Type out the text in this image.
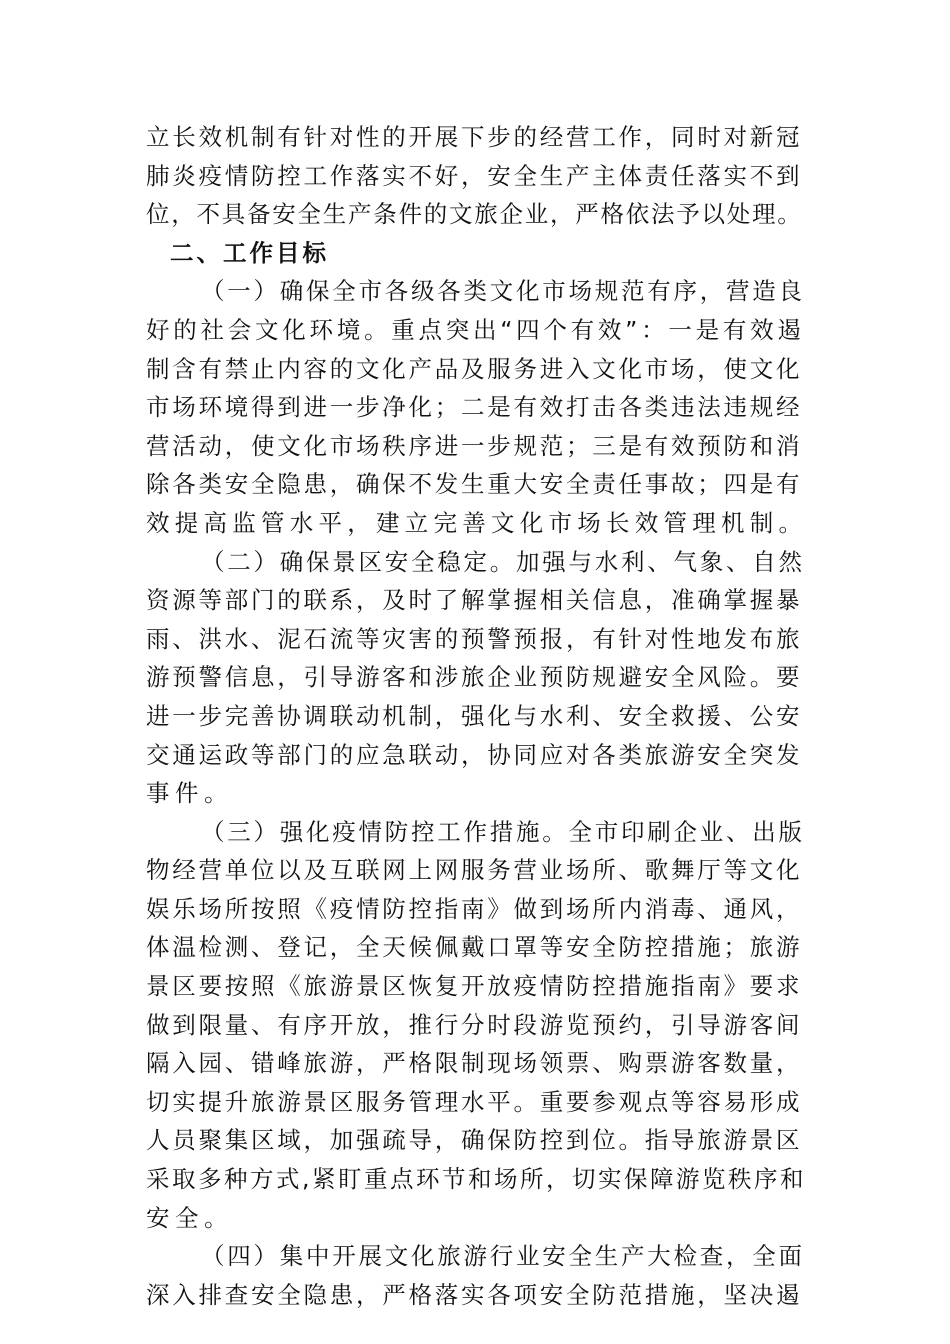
立长效机制有针对性的开展下步的经营工作，同时对新冠
肺炎疫情防控工作落实不好，安全生产主体责任落实不到
位，不具备安全生产条件的文旅企业，严格依法予以处理。
二、工作目标
（一）确保全市各级各类文化市场规范有序，营造良
好的社会文化环境。重点突出“四个有效”：一是有效遏
制含有禁止内容的文化产品及服务进入文化市场，使文化
市场环境得到进一步净化；二是有效打击各类违法违规经
营活动，使文化市场秩序进一步规范；三是有效预防和消
除各类安全隐患，确保不发生重大安全责任事故；四是有
效提高监管水平，建立完善文化市场长效管理机制。
（二）确保景区安全稳定。加强与水利、气象、自然
资源等部门的联系，及时了解掌握相关信息，准确掌握暴
雨、洪水、泥石流等灾害的预警预报，有针对性地发布旅
游预警信息，引导游客和涉旅企业预防规避安全风险。要
进一步完善协调联动机制，强化与水利、安全救援、公安
交通运政等部门的应急联动，协同应对各类旅游安全突发
事件。
（三）强化疫情防控工作措施。全市印刷企业、出版
物经营单位以及互联网上网服务营业场所、歌舞厅等文化
娱乐场所按照《疫情防控指南》做到场所内消毒、通风，
体温检测、登记，全天候佩戴口罩等安全防控措施；旅游
景区要按照《旅游景区恢复开放疫情防控措施指南》要求
做到限量、有序开放，推行分时段游览预约，引导游客间
隔入园、错峰旅游，严格限制现场领票、购票游客数量，
切实提升旅游景区服务管理水平。重要参观点等容易形成
人员聚集区域，加强疏导，确保防控到位。指导旅游景区
采取多种方式,紧盯重点环节和场所，切实保障游览秩序和
安全。
（四）集中开展文化旅游行业安全生产大检查，全面
深入排查安全隐患，严格落实各项安全防范措施，坚决遏
